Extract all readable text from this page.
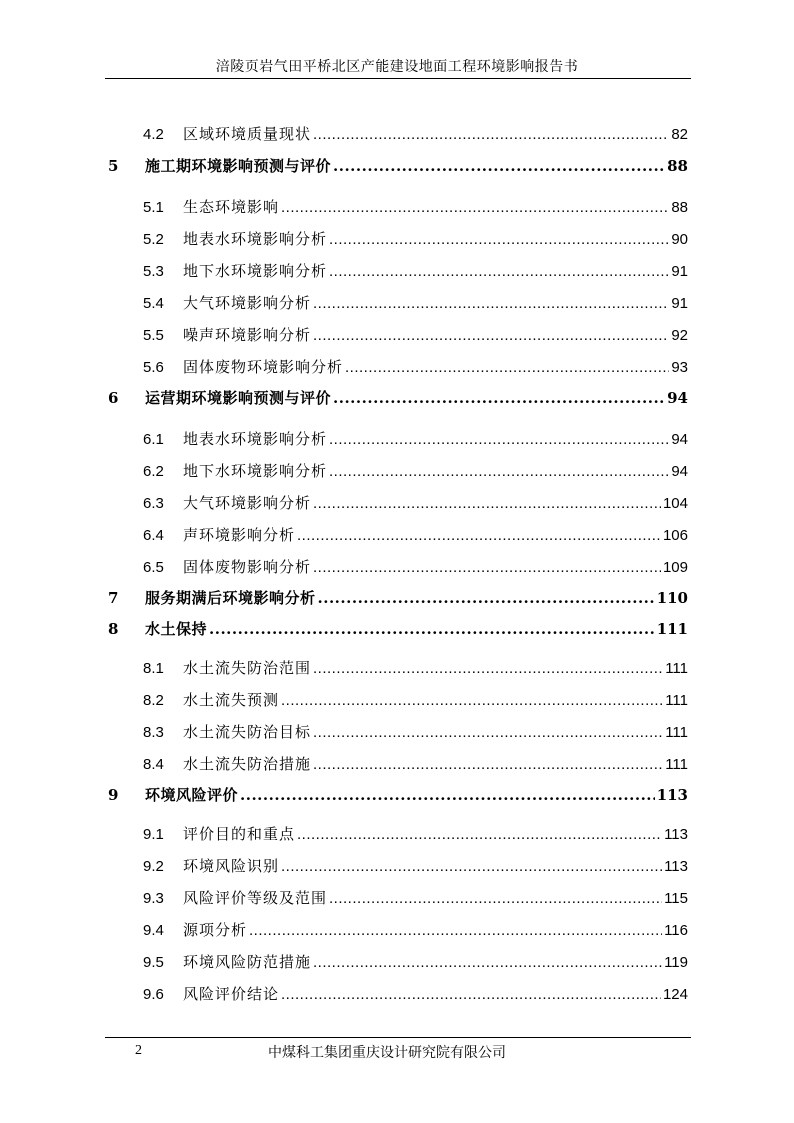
涪陵页岩气田平桥北区产能建设地面工程环境影响报告书
4.2	区域环境质量现状 .....	82
5	施工期环境影响预测与评价 .....	88
5.1	生态环境影响 .....	88
5.2	地表水环境影响分析 .....	90
5.3	地下水环境影响分析 .....	91
5.4	大气环境影响分析 .....	91
5.5	噪声环境影响分析 .....	92
5.6	固体废物环境影响分析 .....	93
6	运营期环境影响预测与评价 .....	94
6.1	地表水环境影响分析 .....	94
6.2	地下水环境影响分析 .....	94
6.3	大气环境影响分析 .....	104
6.4	声环境影响分析 .....	106
6.5	固体废物影响分析 .....	109
7	服务期满后环境影响分析 .....	110
8	水土保持 .....	111
8.1	水土流失防治范围 .....	111
8.2	水土流失预测 .....	111
8.3	水土流失防治目标 .....	111
8.4	水土流失防治措施 .....	111
9	环境风险评价 .....	113
9.1	评价目的和重点 .....	113
9.2	环境风险识别 .....	113
9.3	风险评价等级及范围 .....	115
9.4	源项分析 .....	116
9.5	环境风险防范措施 .....	119
9.6	风险评价结论 .....	124
2	中煤科工集团重庆设计研究院有限公司
